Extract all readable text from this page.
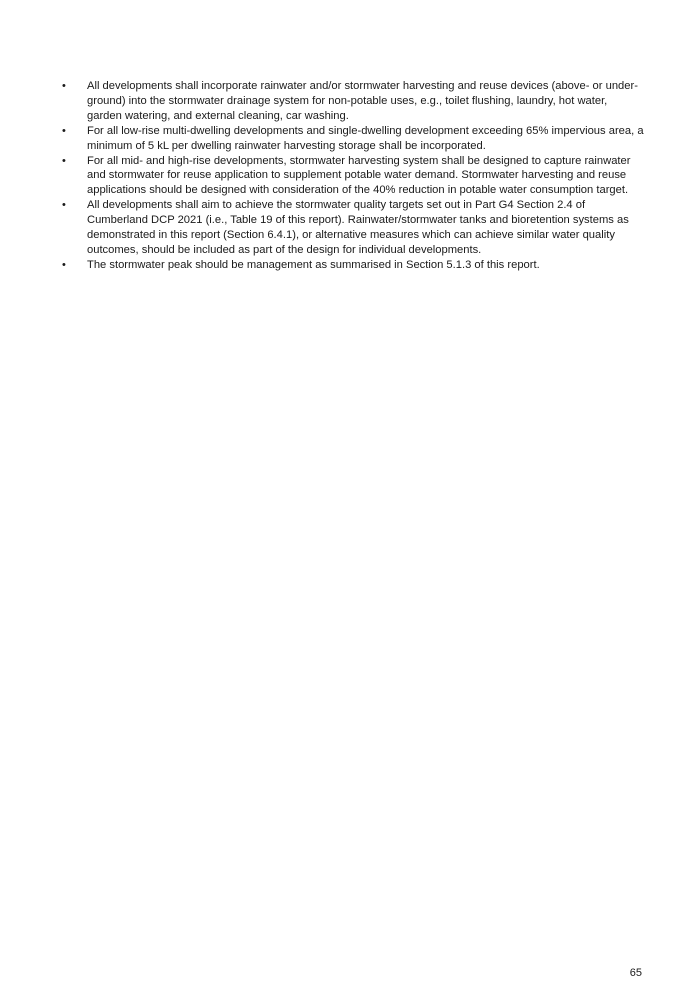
• All developments shall incorporate rainwater and/or stormwater harvesting and reuse devices (above- or under-ground) into the stormwater drainage system for non-potable uses, e.g., toilet flushing, laundry, hot water, garden watering, and external cleaning, car washing.
• For all low-rise multi-dwelling developments and single-dwelling development exceeding 65% impervious area, a minimum of 5 kL per dwelling rainwater harvesting storage shall be incorporated.
• For all mid- and high-rise developments, stormwater harvesting system shall be designed to capture rainwater and stormwater for reuse application to supplement potable water demand. Stormwater harvesting and reuse applications should be designed with consideration of the 40% reduction in potable water consumption target.
• All developments shall aim to achieve the stormwater quality targets set out in Part G4 Section 2.4 of Cumberland DCP 2021 (i.e., Table 19 of this report). Rainwater/stormwater tanks and bioretention systems as demonstrated in this report (Section 6.4.1), or alternative measures which can achieve similar water quality outcomes, should be included as part of the design for individual developments.
• The stormwater peak should be management as summarised in Section 5.1.3 of this report.
65
